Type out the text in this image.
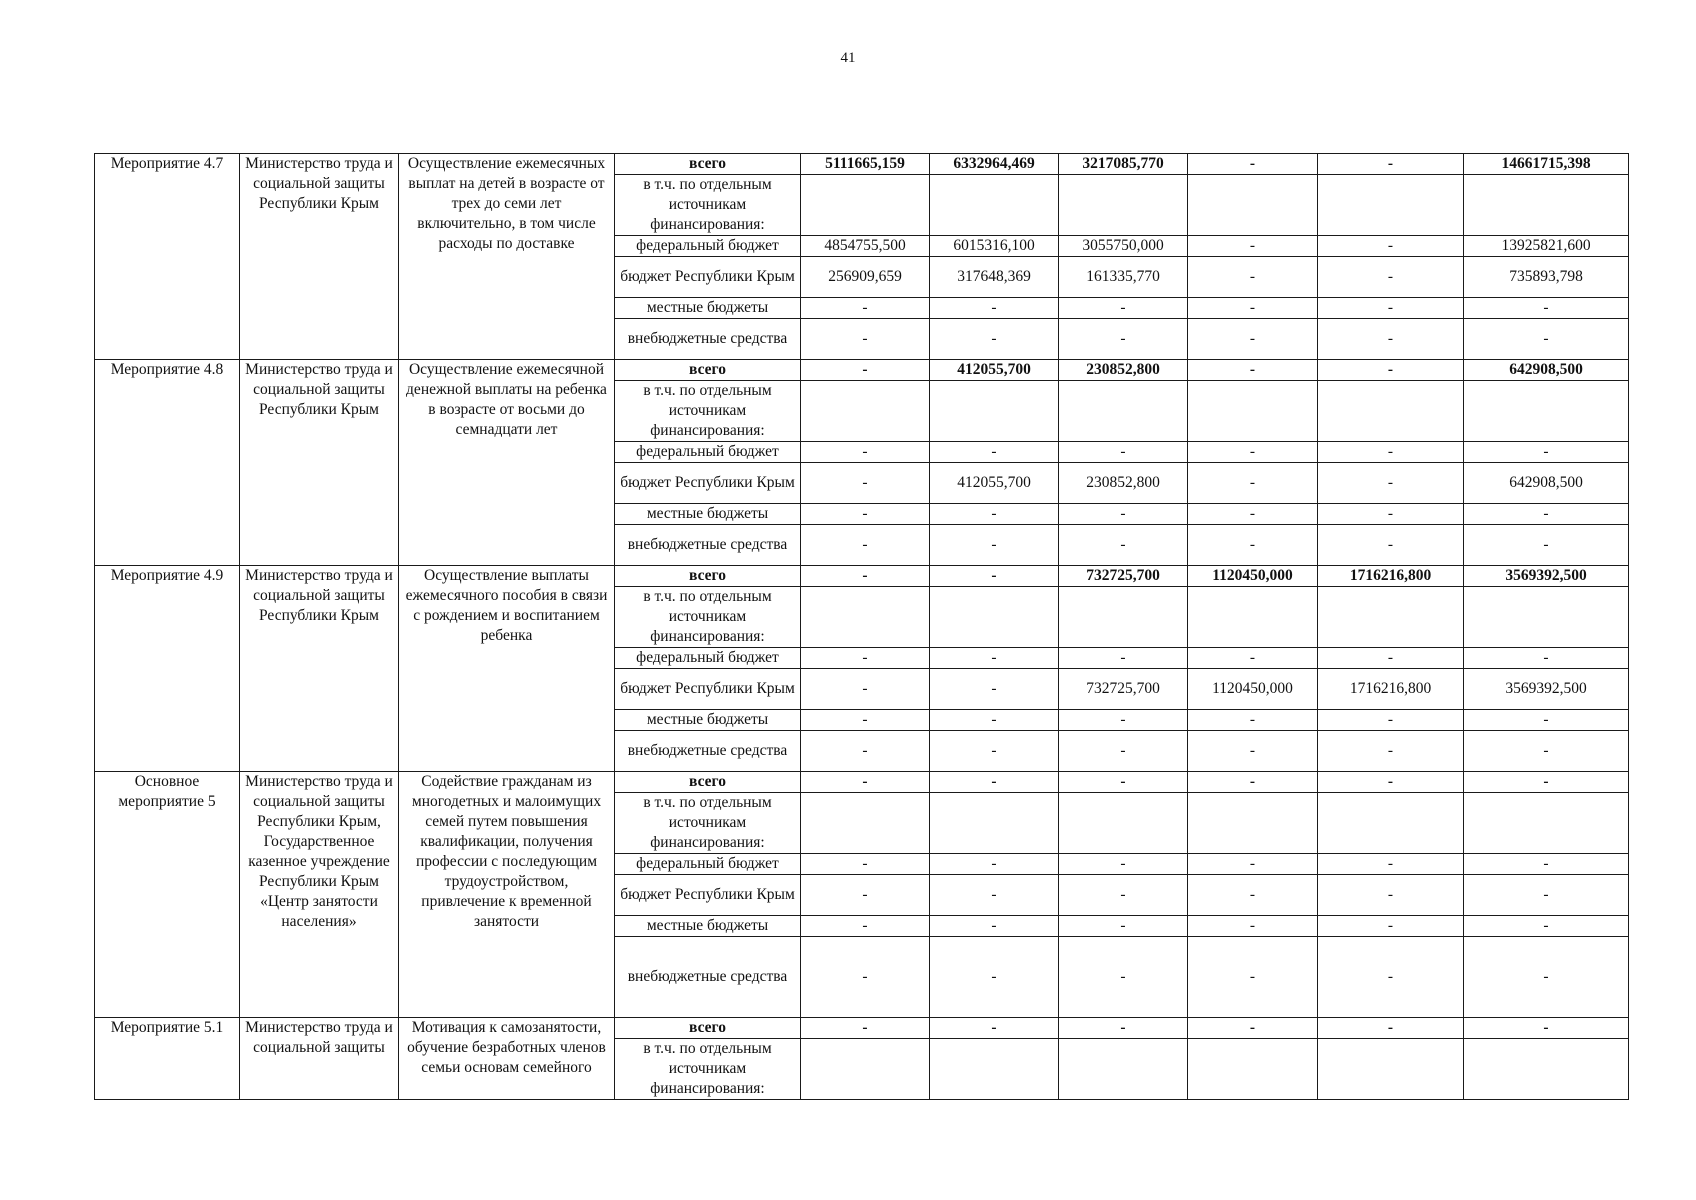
41
Мероприятие 4.7	Министерство труда и социальной защиты Республики Крым	Осуществление ежемесячных выплат на детей в возрасте от трех до семи лет включительно, в том числе расходы по доставке	всего	5111665,159	6332964,469	3217085,770	-	-	14661715,398
			в т.ч. по отдельным источникам финансирования:						
			федеральный бюджет	4854755,500	6015316,100	3055750,000	-	-	13925821,600
			бюджет Республики Крым	256909,659	317648,369	161335,770	-	-	735893,798
			местные бюджеты	-	-	-	-	-	-
			внебюджетные средства	-	-	-	-	-	-
Мероприятие 4.8	Министерство труда и социальной защиты Республики Крым	Осуществление ежемесячной денежной выплаты на ребенка в возрасте от восьми до семнадцати лет	всего	-	412055,700	230852,800	-	-	642908,500
			в т.ч. по отдельным источникам финансирования:						
			федеральный бюджет	-	-	-	-	-	-
			бюджет Республики Крым	-	412055,700	230852,800	-	-	642908,500
			местные бюджеты	-	-	-	-	-	-
			внебюджетные средства	-	-	-	-	-	-
Мероприятие 4.9	Министерство труда и социальной защиты Республики Крым	Осуществление выплаты ежемесячного пособия в связи с рождением и воспитанием ребенка	всего	-	-	732725,700	1120450,000	1716216,800	3569392,500
			в т.ч. по отдельным источникам финансирования:						
			федеральный бюджет	-	-	-	-	-	-
			бюджет Республики Крым	-	-	732725,700	1120450,000	1716216,800	3569392,500
			местные бюджеты	-	-	-	-	-	-
			внебюджетные средства	-	-	-	-	-	-
Основное мероприятие 5	Министерство труда и социальной защиты Республики Крым, Государственное казенное учреждение Республики Крым «Центр занятости населения»	Содействие гражданам из многодетных и малоимущих семей путем повышения квалификации, получения профессии с последующим трудоустройством, привлечение к временной занятости	всего	-	-	-	-	-	-
			в т.ч. по отдельным источникам финансирования:						
			федеральный бюджет	-	-	-	-	-	-
			бюджет Республики Крым	-	-	-	-	-	-
			местные бюджеты	-	-	-	-	-	-
			внебюджетные средства	-	-	-	-	-	-
Мероприятие 5.1	Министерство труда и социальной защиты	Мотивация к самозанятости, обучение безработных членов семьи основам семейного	всего	-	-	-	-	-	-
			в т.ч. по отдельным источникам финансирования:						
